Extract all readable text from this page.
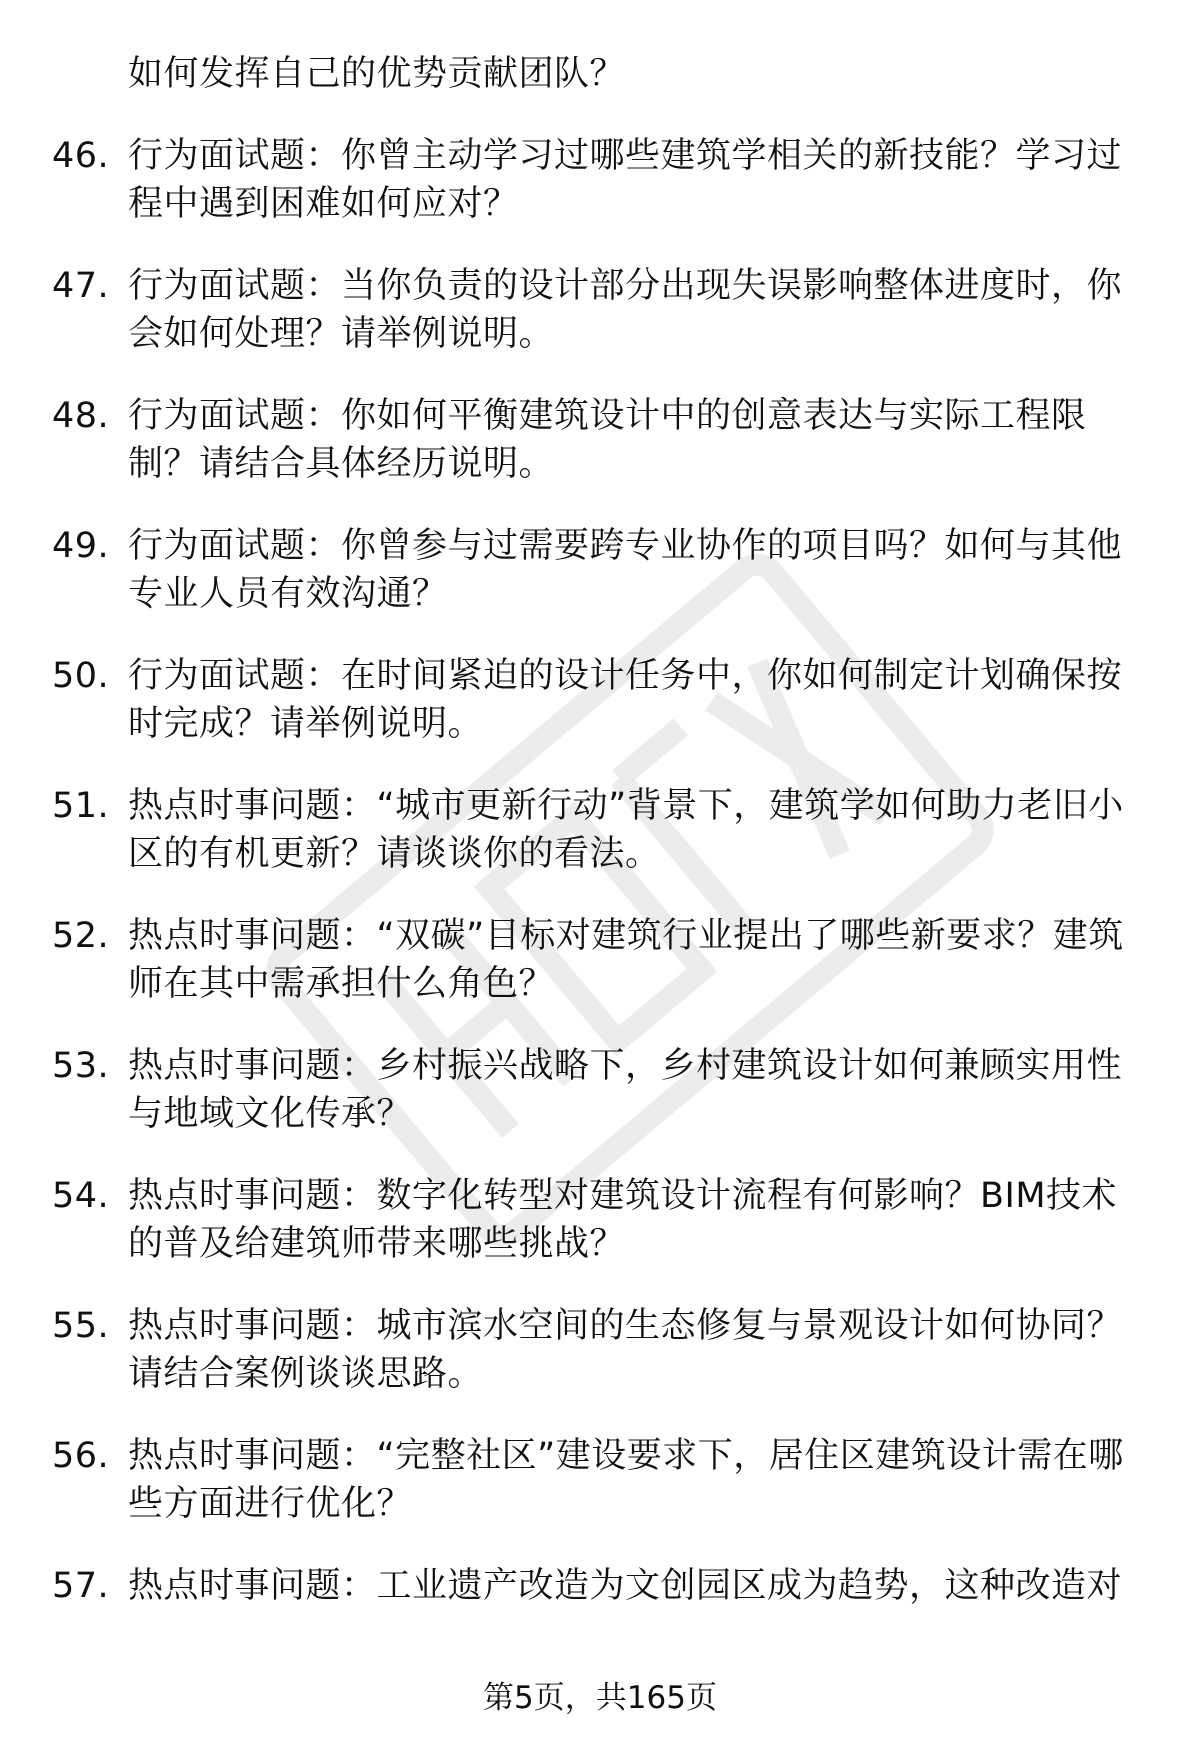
如何发挥自己的优势贡献团队？
46. 行为面试题：你曾主动学习过哪些建筑学相关的新技能？学习过程中遇到困难如何应对？
47. 行为面试题：当你负责的设计部分出现失误影响整体进度时，你会如何处理？请举例说明。
48. 行为面试题：你如何平衡建筑设计中的创意表达与实际工程限制？请结合具体经历说明。
49. 行为面试题：你曾参与过需要跨专业协作的项目吗？如何与其他专业人员有效沟通？
50. 行为面试题：在时间紧迫的设计任务中，你如何制定计划确保按时完成？请举例说明。
51. 热点时事问题：“城市更新行动”背景下，建筑学如何助力老旧小区的有机更新？请谈谈你的看法。
52. 热点时事问题：“双碳”目标对建筑行业提出了哪些新要求？建筑师在其中需承担什么角色？
53. 热点时事问题：乡村振兴战略下，乡村建筑设计如何兼顾实用性与地域文化传承？
54. 热点时事问题：数字化转型对建筑设计流程有何影响？BIM技术的普及给建筑师带来哪些挑战？
55. 热点时事问题：城市滨水空间的生态修复与景观设计如何协同？请结合案例谈谈思路。
56. 热点时事问题：“完整社区”建设要求下，居住区建筑设计需在哪些方面进行优化？
57. 热点时事问题：工业遗产改造为文创园区成为趋势，这种改造对
第5页，共165页
